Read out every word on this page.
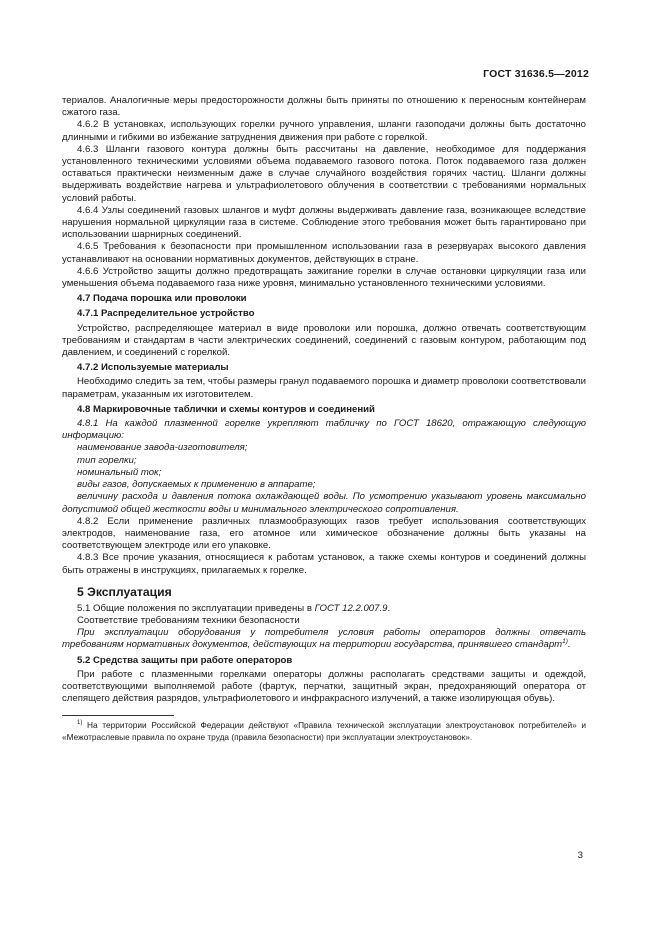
ГОСТ 31636.5—2012

териалов. Аналогичные меры предосторожности должны быть приняты по отношению к переносным контейнерам сжатого газа.

4.6.2 В установках, использующих горелки ручного управления, шланги газоподачи должны быть достаточно длинными и гибкими во избежание затруднения движения при работе с горелкой.

4.6.3 Шланги газового контура должны быть рассчитаны на давление, необходимое для поддержания установленного техническими условиями объема подаваемого газового потока. Поток подаваемого газа должен оставаться практически неизменным даже в случае случайного воздействия горячих частиц. Шланги должны выдерживать воздействие нагрева и ультрафиолетового облучения в соответствии с требованиями нормальных условий работы.

4.6.4 Узлы соединений газовых шлангов и муфт должны выдерживать давление газа, возникающее вследствие нарушения нормальной циркуляции газа в системе. Соблюдение этого требования может быть гарантировано при использовании шарнирных соединений.

4.6.5 Требования к безопасности при промышленном использовании газа в резервуарах высокого давления устанавливают на основании нормативных документов, действующих в стране.

4.6.6 Устройство защиты должно предотвращать зажигание горелки в случае остановки циркуляции газа или уменьшения объема подаваемого газа ниже уровня, минимально установленного техническими условиями.

4.7 Подача порошка или проволоки

4.7.1 Распределительное устройство

Устройство, распределяющее материал в виде проволоки или порошка, должно отвечать соответствующим требованиям и стандартам в части электрических соединений, соединений с газовым контуром, работающим под давлением, и соединений с горелкой.

4.7.2 Используемые материалы

Необходимо следить за тем, чтобы размеры гранул подаваемого порошка и диаметр проволоки соответствовали параметрам, указанным их изготовителем.

4.8 Маркировочные таблички и схемы контуров и соединений

4.8.1 На каждой плазменной горелке укрепляют табличку по ГОСТ 18620, отражающую следующую информацию:

наименование завода-изготовителя;

тип горелки;

номинальный ток;

виды газов, допускаемых к применению в аппарате;

величину расхода и давления потока охлаждающей воды. По усмотрению указывают уровень максимально допустимой общей жесткости воды и минимального электрического сопротивления.

4.8.2 Если применение различных плазмообразующих газов требует использования соответствующих электродов, наименование газа, его атомное или химическое обозначение должны быть указаны на соответствующем электроде или его упаковке.

4.8.3 Все прочие указания, относящиеся к работам установок, а также схемы контуров и соединений должны быть отражены в инструкциях, прилагаемых к горелке.

5 Эксплуатация

5.1 Общие положения по эксплуатации приведены в ГОСТ 12.2.007.9.

Соответствие требованиям техники безопасности

При эксплуатации оборудования у потребителя условия работы операторов должны отвечать требованиям нормативных документов, действующих на территории государства, принявшего стандарт$^{1)}$.

5.2 Средства защиты при работе операторов

При работе с плазменными горелками операторы должны располагать средствами защиты и одеждой, соответствующими выполняемой работе (фартук, перчатки, защитный экран, предохраняющий оператора от слепящего действия разрядов, ультрафиолетового и инфракрасного излучений, а также изолирующая обувь).

$^{1)}$ На территории Российской Федерации действуют «Правила технической эксплуатации электроустановок потребителей» и «Межотраслевые правила по охране труда (правила безопасности) при эксплуатации электроустановок».

3
